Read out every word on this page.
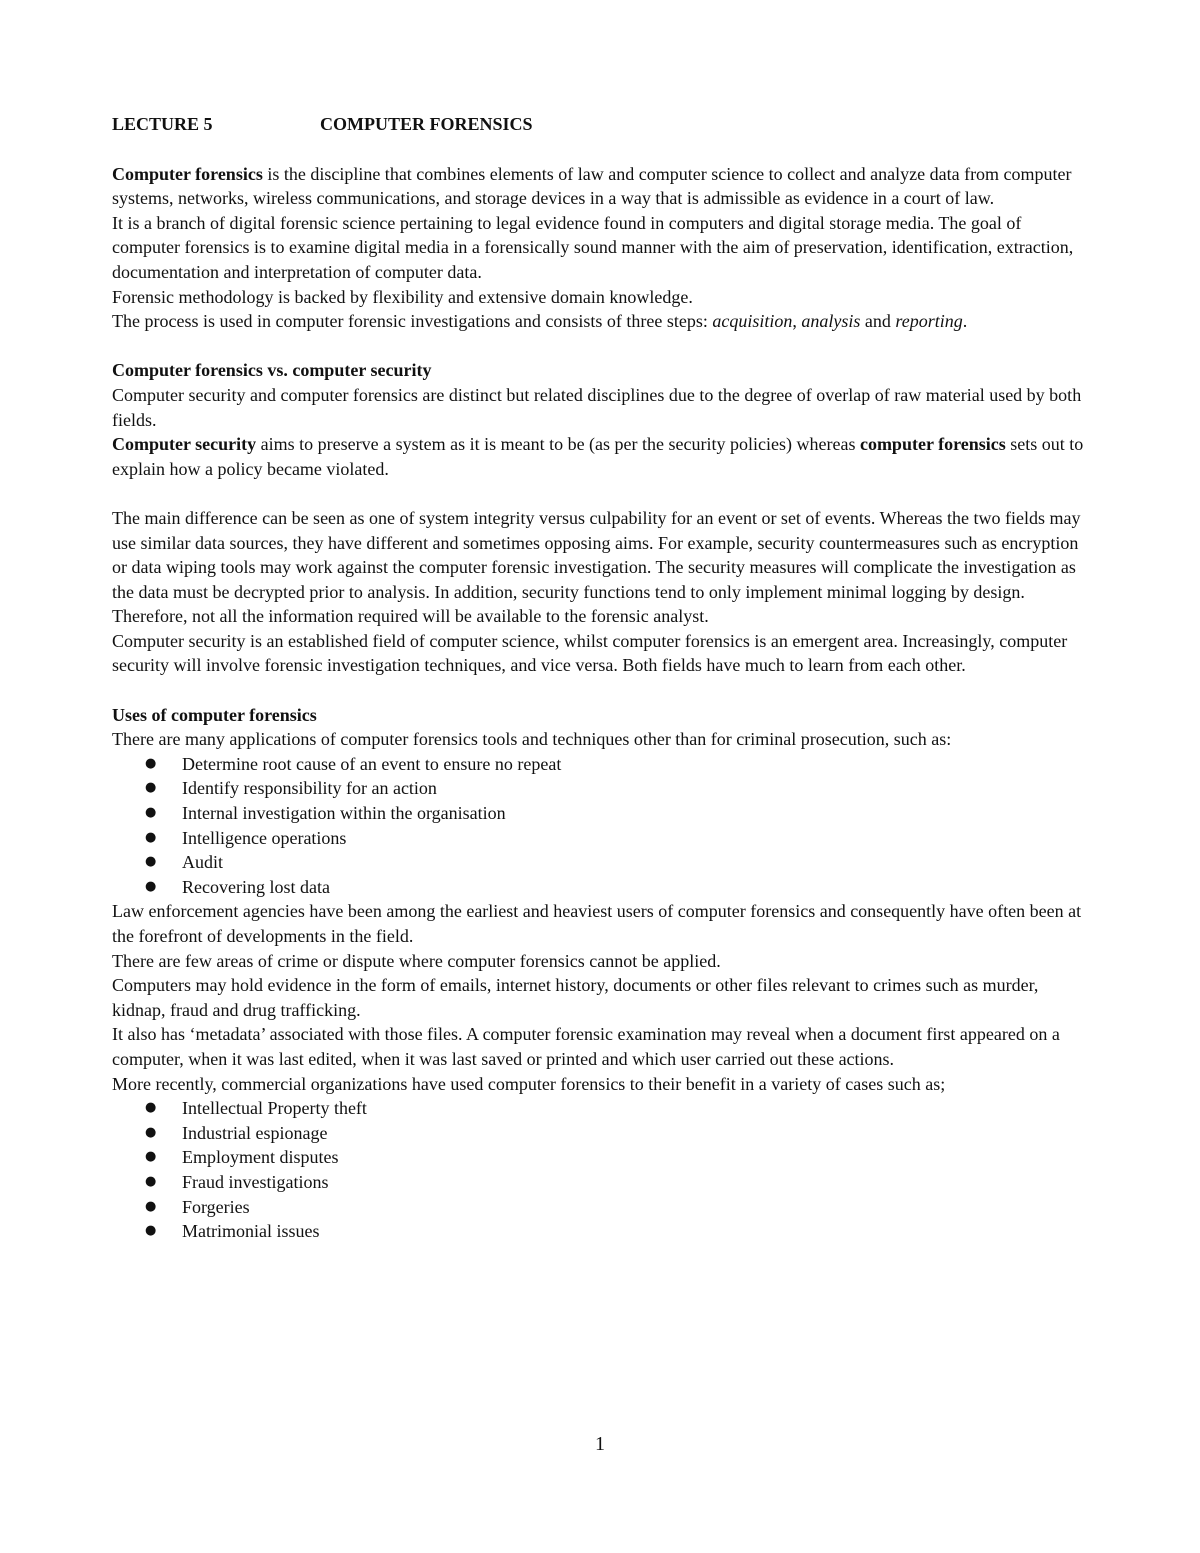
LECTURE 5	COMPUTER FORENSICS

Computer forensics is the discipline that combines elements of law and computer science to collect and analyze data from computer systems, networks, wireless communications, and storage devices in a way that is admissible as evidence in a court of law.

It is a branch of digital forensic science pertaining to legal evidence found in computers and digital storage media. The goal of computer forensics is to examine digital media in a forensically sound manner with the aim of preservation, identification, extraction, documentation and interpretation of computer data.

Forensic methodology is backed by flexibility and extensive domain knowledge.

The process is used in computer forensic investigations and consists of three steps: acquisition, analysis and reporting.

Computer forensics vs. computer security

Computer security and computer forensics are distinct but related disciplines due to the degree of overlap of raw material used by both fields.

Computer security aims to preserve a system as it is meant to be (as per the security policies) whereas computer forensics sets out to explain how a policy became violated.

The main difference can be seen as one of system integrity versus culpability for an event or set of events. Whereas the two fields may use similar data sources, they have different and sometimes opposing aims. For example, security countermeasures such as encryption or data wiping tools may work against the computer forensic investigation. The security measures will complicate the investigation as the data must be decrypted prior to analysis. In addition, security functions tend to only implement minimal logging by design. Therefore, not all the information required will be available to the forensic analyst.

Computer security is an established field of computer science, whilst computer forensics is an emergent area. Increasingly, computer security will involve forensic investigation techniques, and vice versa. Both fields have much to learn from each other.

Uses of computer forensics

There are many applications of computer forensics tools and techniques other than for criminal prosecution, such as:

● Determine root cause of an event to ensure no repeat
● Identify responsibility for an action
● Internal investigation within the organisation
● Intelligence operations
● Audit
● Recovering lost data

Law enforcement agencies have been among the earliest and heaviest users of computer forensics and consequently have often been at the forefront of developments in the field.

There are few areas of crime or dispute where computer forensics cannot be applied.

Computers may hold evidence in the form of emails, internet history, documents or other files relevant to crimes such as murder, kidnap, fraud and drug trafficking.

It also has ‘metadata’ associated with those files. A computer forensic examination may reveal when a document first appeared on a computer, when it was last edited, when it was last saved or printed and which user carried out these actions.

More recently, commercial organizations have used computer forensics to their benefit in a variety of cases such as;

● Intellectual Property theft
● Industrial espionage
● Employment disputes
● Fraud investigations
● Forgeries
● Matrimonial issues
1
